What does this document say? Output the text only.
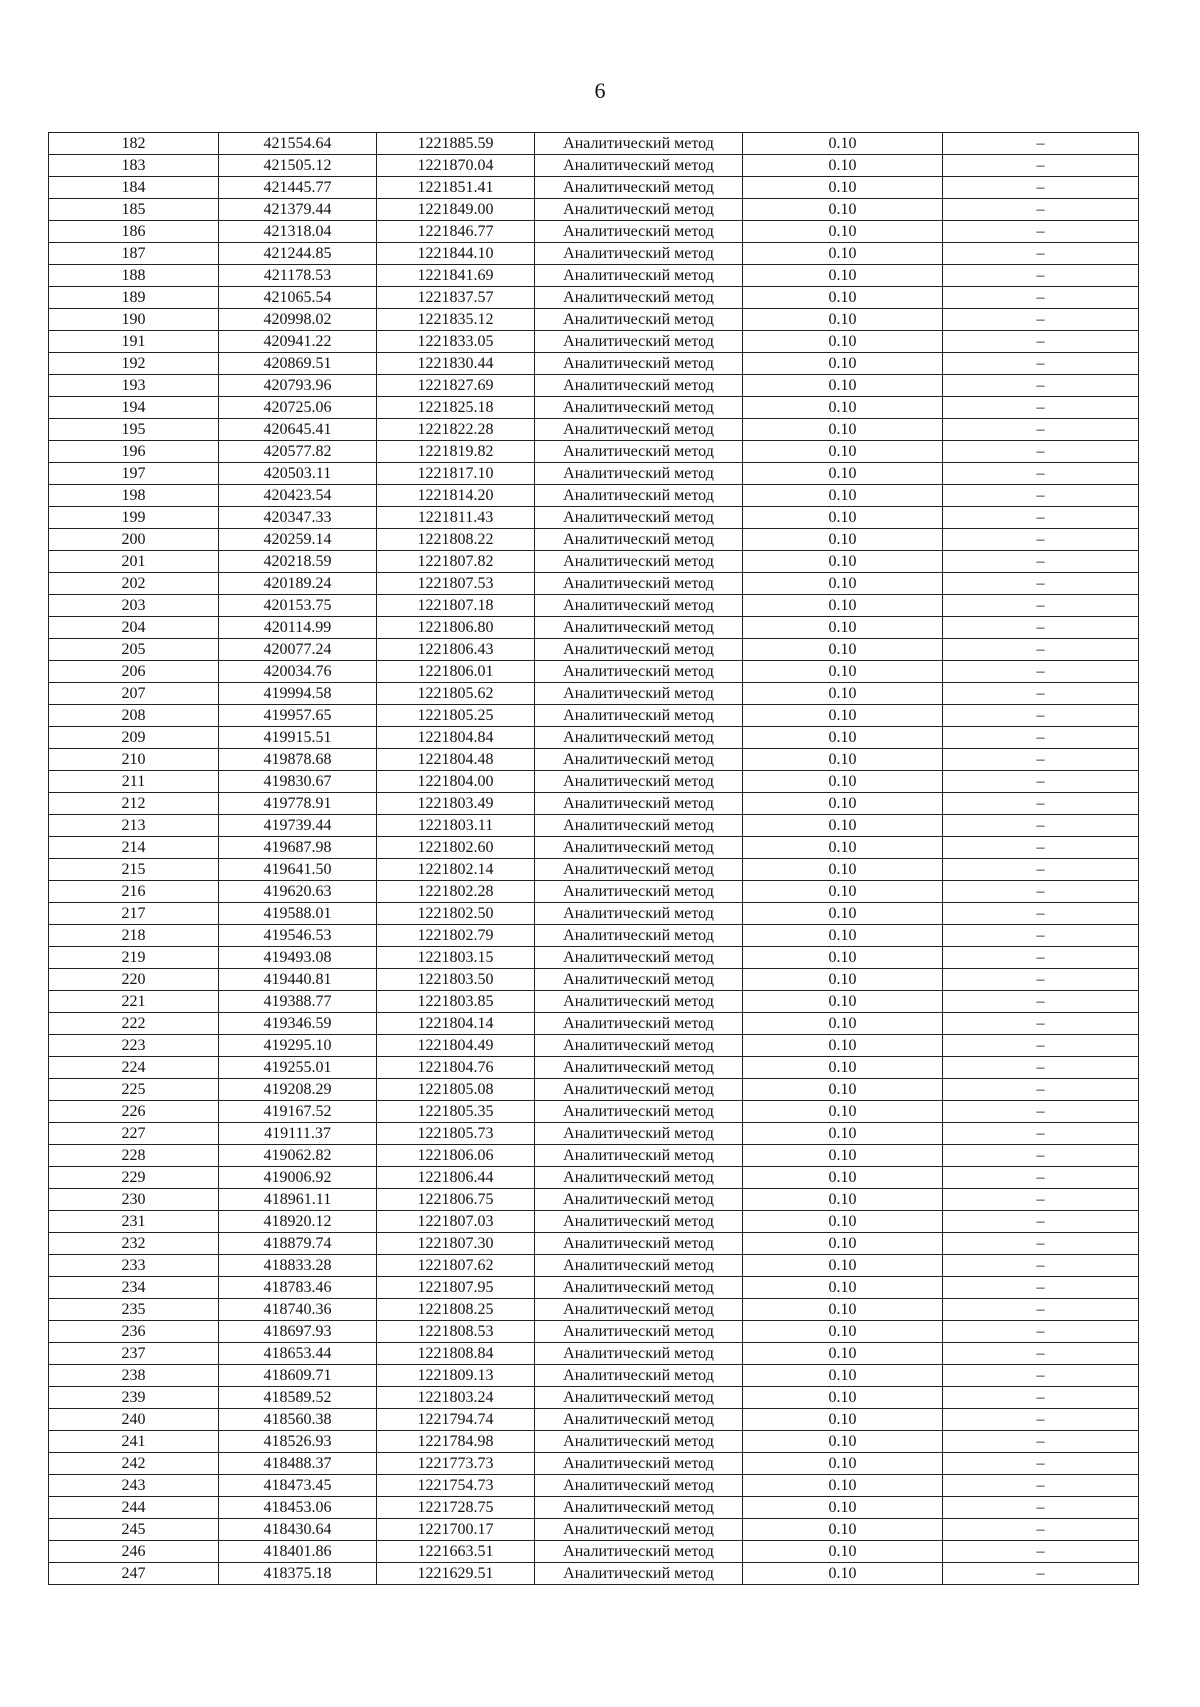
6
182	421554.64	1221885.59	Аналитический метод	0.10	–
183	421505.12	1221870.04	Аналитический метод	0.10	–
184	421445.77	1221851.41	Аналитический метод	0.10	–
185	421379.44	1221849.00	Аналитический метод	0.10	–
186	421318.04	1221846.77	Аналитический метод	0.10	–
187	421244.85	1221844.10	Аналитический метод	0.10	–
188	421178.53	1221841.69	Аналитический метод	0.10	–
189	421065.54	1221837.57	Аналитический метод	0.10	–
190	420998.02	1221835.12	Аналитический метод	0.10	–
191	420941.22	1221833.05	Аналитический метод	0.10	–
192	420869.51	1221830.44	Аналитический метод	0.10	–
193	420793.96	1221827.69	Аналитический метод	0.10	–
194	420725.06	1221825.18	Аналитический метод	0.10	–
195	420645.41	1221822.28	Аналитический метод	0.10	–
196	420577.82	1221819.82	Аналитический метод	0.10	–
197	420503.11	1221817.10	Аналитический метод	0.10	–
198	420423.54	1221814.20	Аналитический метод	0.10	–
199	420347.33	1221811.43	Аналитический метод	0.10	–
200	420259.14	1221808.22	Аналитический метод	0.10	–
201	420218.59	1221807.82	Аналитический метод	0.10	–
202	420189.24	1221807.53	Аналитический метод	0.10	–
203	420153.75	1221807.18	Аналитический метод	0.10	–
204	420114.99	1221806.80	Аналитический метод	0.10	–
205	420077.24	1221806.43	Аналитический метод	0.10	–
206	420034.76	1221806.01	Аналитический метод	0.10	–
207	419994.58	1221805.62	Аналитический метод	0.10	–
208	419957.65	1221805.25	Аналитический метод	0.10	–
209	419915.51	1221804.84	Аналитический метод	0.10	–
210	419878.68	1221804.48	Аналитический метод	0.10	–
211	419830.67	1221804.00	Аналитический метод	0.10	–
212	419778.91	1221803.49	Аналитический метод	0.10	–
213	419739.44	1221803.11	Аналитический метод	0.10	–
214	419687.98	1221802.60	Аналитический метод	0.10	–
215	419641.50	1221802.14	Аналитический метод	0.10	–
216	419620.63	1221802.28	Аналитический метод	0.10	–
217	419588.01	1221802.50	Аналитический метод	0.10	–
218	419546.53	1221802.79	Аналитический метод	0.10	–
219	419493.08	1221803.15	Аналитический метод	0.10	–
220	419440.81	1221803.50	Аналитический метод	0.10	–
221	419388.77	1221803.85	Аналитический метод	0.10	–
222	419346.59	1221804.14	Аналитический метод	0.10	–
223	419295.10	1221804.49	Аналитический метод	0.10	–
224	419255.01	1221804.76	Аналитический метод	0.10	–
225	419208.29	1221805.08	Аналитический метод	0.10	–
226	419167.52	1221805.35	Аналитический метод	0.10	–
227	419111.37	1221805.73	Аналитический метод	0.10	–
228	419062.82	1221806.06	Аналитический метод	0.10	–
229	419006.92	1221806.44	Аналитический метод	0.10	–
230	418961.11	1221806.75	Аналитический метод	0.10	–
231	418920.12	1221807.03	Аналитический метод	0.10	–
232	418879.74	1221807.30	Аналитический метод	0.10	–
233	418833.28	1221807.62	Аналитический метод	0.10	–
234	418783.46	1221807.95	Аналитический метод	0.10	–
235	418740.36	1221808.25	Аналитический метод	0.10	–
236	418697.93	1221808.53	Аналитический метод	0.10	–
237	418653.44	1221808.84	Аналитический метод	0.10	–
238	418609.71	1221809.13	Аналитический метод	0.10	–
239	418589.52	1221803.24	Аналитический метод	0.10	–
240	418560.38	1221794.74	Аналитический метод	0.10	–
241	418526.93	1221784.98	Аналитический метод	0.10	–
242	418488.37	1221773.73	Аналитический метод	0.10	–
243	418473.45	1221754.73	Аналитический метод	0.10	–
244	418453.06	1221728.75	Аналитический метод	0.10	–
245	418430.64	1221700.17	Аналитический метод	0.10	–
246	418401.86	1221663.51	Аналитический метод	0.10	–
247	418375.18	1221629.51	Аналитический метод	0.10	–
